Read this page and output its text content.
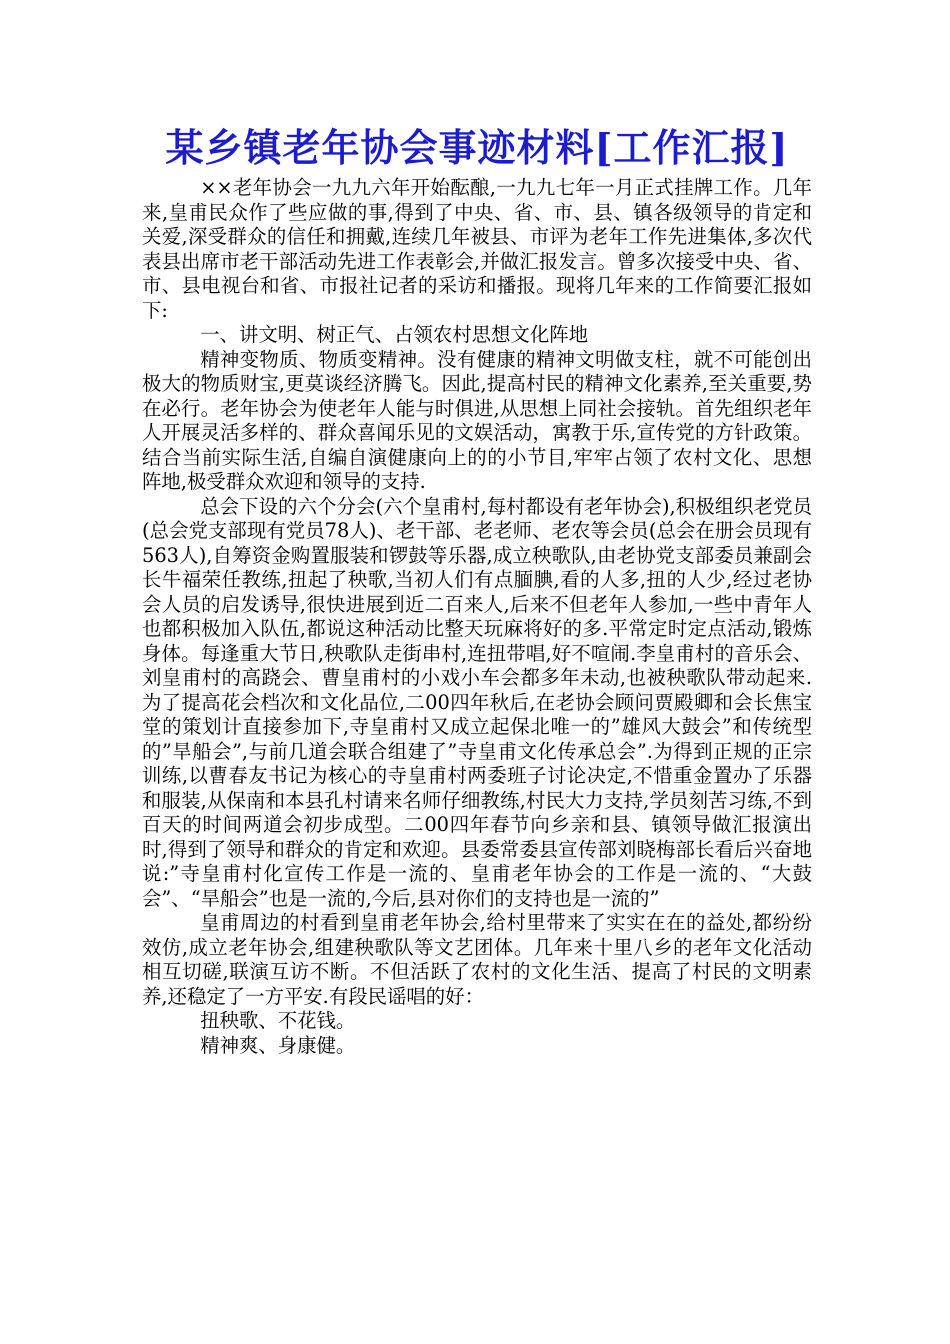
某乡镇老年协会事迹材料[工作汇报]

××老年协会一九九六年开始酝酿,一九九七年一月正式挂牌工作。几年来,皇甫民众作了些应做的事,得到了中央、省、市、县、镇各级领导的肯定和关爱,深受群众的信任和拥戴,连续几年被县、市评为老年工作先进集体,多次代表县出席市老干部活动先进工作表彰会,并做汇报发言。曾多次接受中央、省、市、县电视台和省、市报社记者的采访和播报。现将几年来的工作简要汇报如下:

一、讲文明、树正气、占领农村思想文化阵地

精神变物质、物质变精神。没有健康的精神文明做支柱，就不可能创出极大的物质财宝,更莫谈经济腾飞。因此,提高村民的精神文化素养,至关重要,势在必行。老年协会为使老年人能与时俱进,从思想上同社会接轨。首先组织老年人开展灵活多样的、群众喜闻乐见的文娱活动，寓教于乐,宣传党的方针政策。结合当前实际生活,自编自演健康向上的的小节目,牢牢占领了农村文化、思想阵地,极受群众欢迎和领导的支持.

总会下设的六个分会(六个皇甫村,每村都设有老年协会),积极组织老党员(总会党支部现有党员78人)、老干部、老老师、老农等会员(总会在册会员现有563人),自筹资金购置服装和锣鼓等乐器,成立秧歌队,由老协党支部委员兼副会长牛福荣任教练,扭起了秧歌,当初人们有点腼腆,看的人多,扭的人少,经过老协会人员的启发诱导,很快进展到近二百来人,后来不但老年人参加,一些中青年人也都积极加入队伍,都说这种活动比整天玩麻将好的多.平常定时定点活动,锻炼身体。每逢重大节日,秧歌队走街串村,连扭带唱,好不喧闹.李皇甫村的音乐会、刘皇甫村的高跷会、曹皇甫村的小戏小车会都多年未动,也被秧歌队带动起来.为了提高花会档次和文化品位,二00四年秋后,在老协会顾问贾殿卿和会长焦宝堂的策划计直接参加下,寺皇甫村又成立起保北唯一的”雄风大鼓会”和传统型的”旱船会”,与前几道会联合组建了”寺皇甫文化传承总会”.为得到正规的正宗训练,以曹春友书记为核心的寺皇甫村两委班子讨论决定,不惜重金置办了乐器和服装,从保南和本县孔村请来名师仔细教练,村民大力支持,学员刻苦习练,不到百天的时间两道会初步成型。二00四年春节向乡亲和县、镇领导做汇报演出时,得到了领导和群众的肯定和欢迎。县委常委县宣传部刘晓梅部长看后兴奋地说:”寺皇甫村化宣传工作是一流的、皇甫老年协会的工作是一流的、“大鼓会”、“旱船会”也是一流的,今后,县对你们的支持也是一流的”

皇甫周边的村看到皇甫老年协会,给村里带来了实实在在的益处,都纷纷效仿,成立老年协会,组建秧歌队等文艺团体。几年来十里八乡的老年文化活动相互切磋,联演互访不断。不但活跃了农村的文化生活、提高了村民的文明素养,还稳定了一方平安.有段民谣唱的好：

扭秧歌、不花钱。

精神爽、身康健。
